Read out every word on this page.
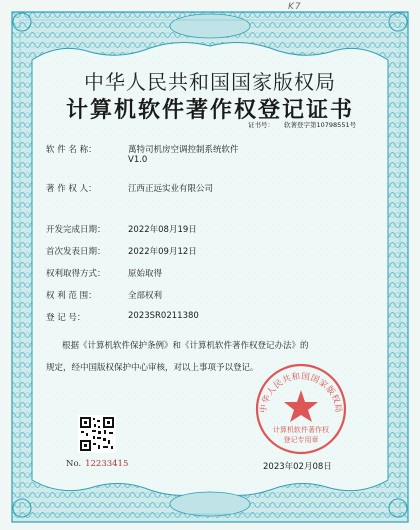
K7
中华人民共和国国家版权局
计算机软件著作权登记证书
证书号： 软著登字第10798551号
软 件 名 称：	萬特司机房空调控制系统软件
V1.0
著 作 权 人：	江西正远实业有限公司
开发完成日期：	2022年08月19日
首次发表日期：	2022年09月12日
权利取得方式：	原始取得
权 利 范 围：	全部权利
登 记 号：	2023SR0211380
根据《计算机软件保护条例》和《计算机软件著作权登记办法》的
规定，经中国版权保护中心审核，对以上事项予以登记。
No. 12233415
中华人民共和国国家版权局
计算机软件著作权
登记专用章
2023年02月08日
